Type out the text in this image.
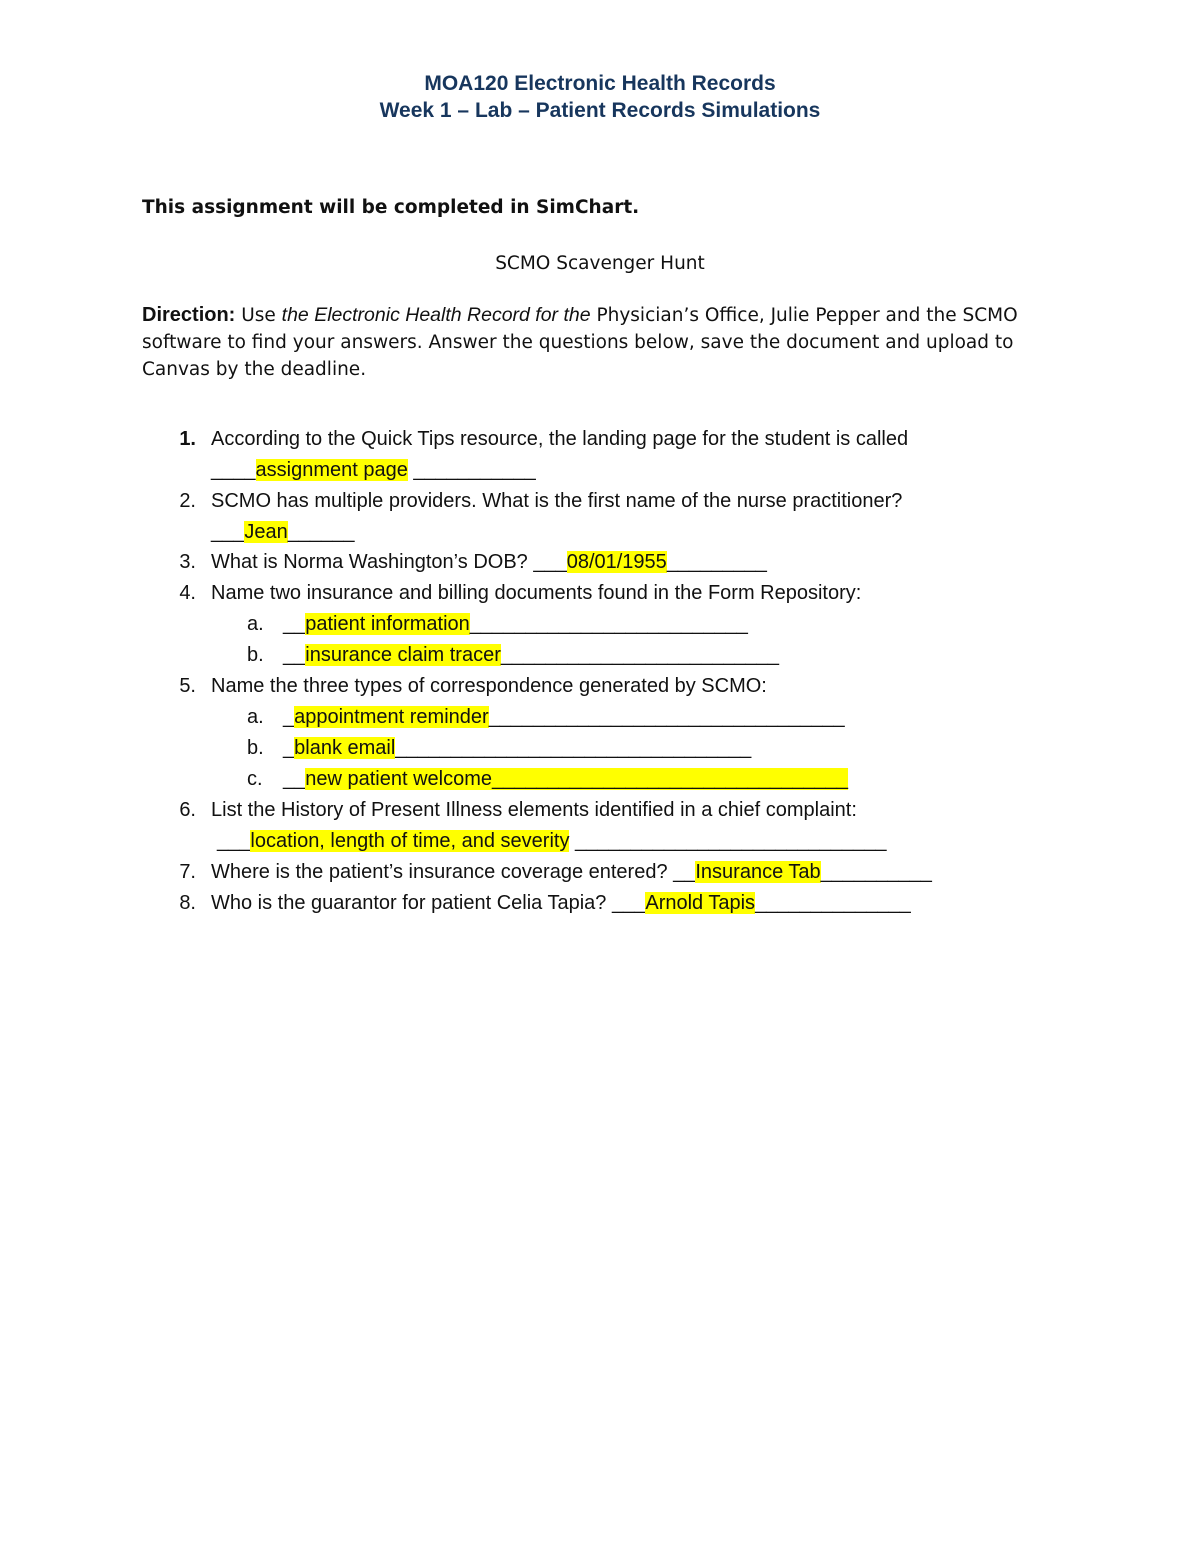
MOA120 Electronic Health Records
Week 1 – Lab – Patient Records Simulations
This assignment will be completed in SimChart.
SCMO Scavenger Hunt
Direction: Use the Electronic Health Record for the Physician’s Office, Julie Pepper and the SCMO software to find your answers. Answer the questions below, save the document and upload to Canvas by the deadline.
1. According to the Quick Tips resource, the landing page for the student is called
____assignment page ___________
2. SCMO has multiple providers. What is the first name of the nurse practitioner?
___Jean______
3. What is Norma Washington’s DOB? ___08/01/1955_________
4. Name two insurance and billing documents found in the Form Repository:
a. __patient information_________________________
b. __insurance claim tracer_________________________
5. Name the three types of correspondence generated by SCMO:
a. _appointment reminder________________________________
b. _blank email________________________________
c. __new patient welcome________________________________
6. List the History of Present Illness elements identified in a chief complaint:
___location, length of time, and severity ____________________________
7. Where is the patient’s insurance coverage entered? __Insurance Tab__________
8. Who is the guarantor for patient Celia Tapia? ___Arnold Tapis______________
